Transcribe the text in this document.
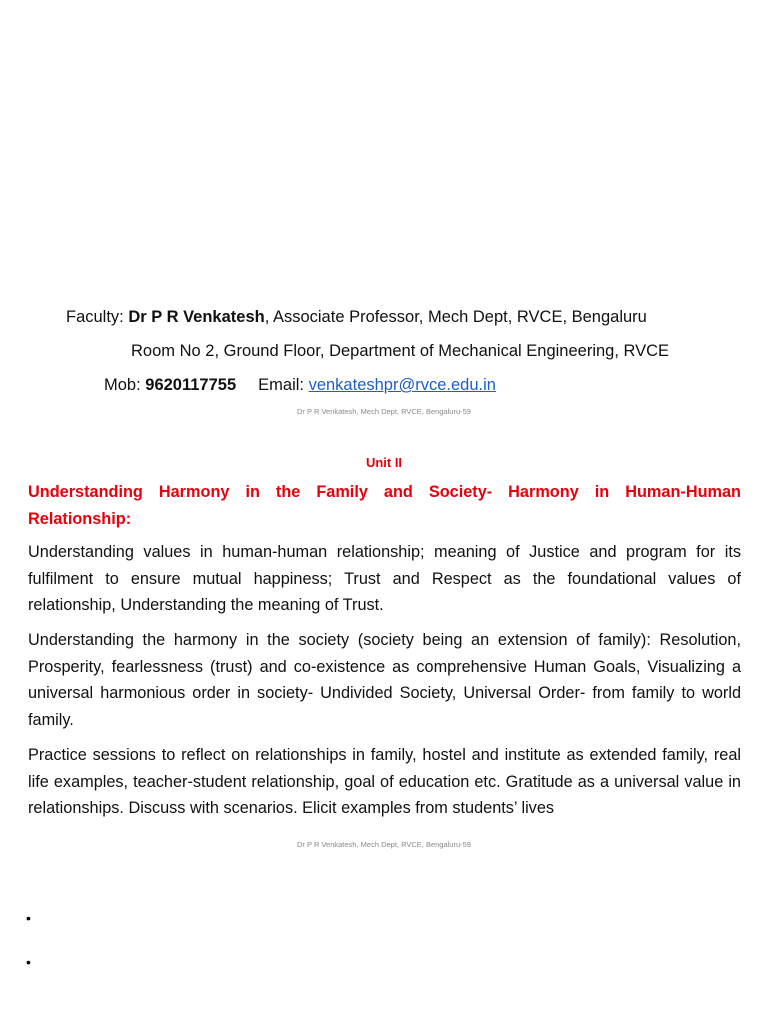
Faculty: Dr P R Venkatesh, Associate Professor, Mech Dept, RVCE, Bengaluru
Room No 2, Ground Floor, Department of Mechanical Engineering, RVCE
Mob: 9620117755 Email: venkateshpr@rvce.edu.in
Dr P R Venkatesh, Mech Dept, RVCE, Bengaluru-59
Unit II

Understanding Harmony in the Family and Society- Harmony in Human-Human Relationship:

Understanding values in human-human relationship; meaning of Justice and program for its fulfilment to ensure mutual happiness; Trust and Respect as the foundational values of relationship, Understanding the meaning of Trust.

Understanding the harmony in the society (society being an extension of family): Resolution, Prosperity, fearlessness (trust) and co-existence as comprehensive Human Goals, Visualizing a universal harmonious order in society- Undivided Society, Universal Order- from family to world family.

Practice sessions to reflect on relationships in family, hostel and institute as extended family, real life examples, teacher-student relationship, goal of education etc. Gratitude as a universal value in relationships. Discuss with scenarios. Elicit examples from students’ lives

Dr P R Venkatesh, Mech Dept, RVCE, Bengaluru-59
•
•
